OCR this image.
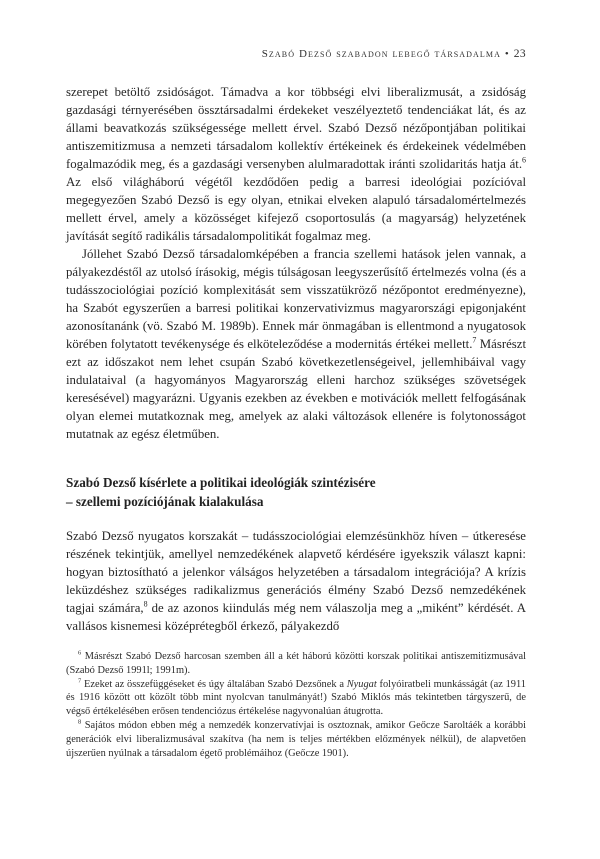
Szabó Dezső szabadon lebegő társadalma • 23

szerepet betöltő zsidóságot. Támadva a kor többségi elvi liberalizmusát, a zsidóság gazdasági térnyerésében össztársadalmi érdekeket veszélyeztető tendenciákat lát, és az állami beavatkozás szükségessége mellett érvel. Szabó Dezső nézőpontjában politikai antiszemitizmusa a nemzeti társadalom kollektív értékeinek és érdekeinek védelmében fogalmazódik meg, és a gazdasági versenyben alulmaradottak iránti szolidaritás hatja át.$^6$ Az első világháború végétől kezdődően pedig a barresi ideológiai pozícióval megegyezően Szabó Dezső is egy olyan, etnikai elveken alapuló társadalomértelmezés mellett érvel, amely a közösséget kifejező csoportosulás (a magyarság) helyzetének javítását segítő radikális társadalompolitikát fogalmaz meg.

Jóllehet Szabó Dezső társadalomképében a francia szellemi hatások jelen vannak, a pályakezdéstől az utolsó írásokig, mégis túlságosan leegyszerűsítő értelmezés volna (és a tudásszociológiai pozíció komplexitását sem visszatükröző nézőpontot eredményezne), ha Szabót egyszerűen a barresi politikai konzervativizmus magyarországi epigonjaként azonosítanánk (vö. Szabó M. 1989b). Ennek már önmagában is ellentmond a nyugatosok körében folytatott tevékenysége és elköteleződése a modernitás értékei mellett.$^7$ Másrészt ezt az időszakot nem lehet csupán Szabó következetlenségeivel, jellemhibáival vagy indulataival (a hagyományos Magyarország elleni harchoz szükséges szövetségek keresésével) magyarázni. Ugyanis ezekben az években e motivációk mellett felfogásának olyan elemei mutatkoznak meg, amelyek az alaki változások ellenére is folytonosságot mutatnak az egész életműben.

Szabó Dezső kísérlete a politikai ideológiák szintézisére
– szellemi pozíciójának kialakulása

Szabó Dezső nyugatos korszakát – tudásszociológiai elemzésünkhöz híven – útkeresése részének tekintjük, amellyel nemzedékének alapvető kérdésére igyekszik választ kapni: hogyan biztosítható a jelenkor válságos helyzetében a társadalom integrációja? A krízis leküzdéshez szükséges radikalizmus generációs élmény Szabó Dezső nemzedékének tagjai számára,$^8$ de az azonos kiindulás még nem válaszolja meg a „miként” kérdését. A vallásos kisnemesi középrétegből érkező, pályakezdő

$^6$ Másrészt Szabó Dezső harcosan szemben áll a két háború közötti korszak politikai antiszemitizmusával (Szabó Dezső 1991l; 1991m).

$^7$ Ezeket az összefüggéseket és úgy általában Szabó Dezsőnek a Nyugat folyóiratbeli munkásságát (az 1911 és 1916 között ott közölt több mint nyolcvan tanulmányát!) Szabó Miklós más tekintetben tárgyszerű, de végső értékelésében erősen tendenciózus értékelése nagyvonalúan átugrotta.

$^8$ Sajátos módon ebben még a nemzedék konzervatívjai is osztoznak, amikor Geőcze Saroltáék a korábbi generációk elvi liberalizmusával szakítva (ha nem is teljes mértékben előzmények nélkül), de alapvetően újszerűen nyúlnak a társadalom égető problémáihoz (Geőcze 1901).
